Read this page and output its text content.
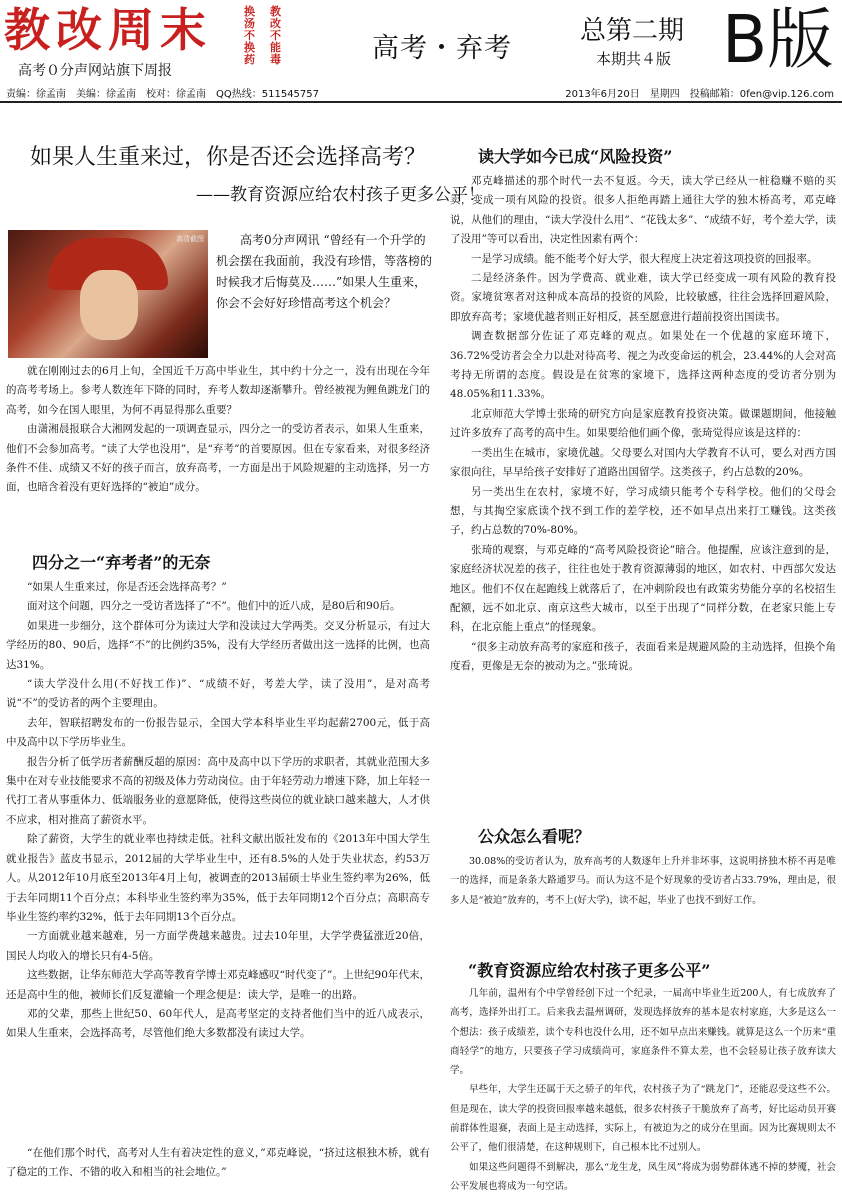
教改周末	换汤不换药
教改不能毒
高考０分声网站旗下周报
高考・弃考
总第二期
本期共４版 B版
责编：徐孟南　美编：徐孟南　校对：徐孟南　QQ热线：511545757	2013年6月20日　星期四　投稿邮箱：0fen@vip.126.com
如果人生重来过，你是否还会选择高考？
——教育资源应给农村孩子更多公平！
高清截图	高考0分声网讯 “曾经有一个升学的机会摆在我面前，我没有珍惜，等落榜的时候我才后悔莫及……”如果人生重来，你会不会好好珍惜高考这个机会？

就在刚刚过去的6月上旬，全国近千万高中毕业生，其中约十分之一，没有出现在今年的高考考场上。参考人数连年下降的同时，弃考人数却逐渐攀升。曾经被视为鲤鱼跳龙门的高考，如今在国人眼里，为何不再显得那么重要？

由潇湘晨报联合大湘网发起的一项调查显示，四分之一的受访者表示，如果人生重来，他们不会参加高考。“读了大学也没用”，是“弃考”的首要原因。但在专家看来，对很多经济条件不佳、成绩又不好的孩子而言，放弃高考，一方面是出于风险规避的主动选择，另一方面，也暗含着没有更好选择的“被迫”成分。

四分之一“弃考者”的无奈

“如果人生重来过，你是否还会选择高考？”

面对这个问题，四分之一受访者选择了“不”。他们中的近八成，是80后和90后。

如果进一步细分，这个群体可分为读过大学和没读过大学两类。交叉分析显示，有过大学经历的80、90后，选择“不”的比例约35%，没有大学经历者做出这一选择的比例，也高达31%。

“读大学没什么用(不好找工作)”、“成绩不好，考差大学，读了没用”，是对高考说“不”的受访者的两个主要理由。

去年，智联招聘发布的一份报告显示，全国大学本科毕业生平均起薪2700元，低于高中及高中以下学历毕业生。

报告分析了低学历者薪酬反超的原因：高中及高中以下学历的求职者，其就业范围大多集中在对专业技能要求不高的初级及体力劳动岗位。由于年轻劳动力增速下降，加上年轻一代打工者从事重体力、低端服务业的意愿降低，使得这些岗位的就业缺口越来越大，人才供不应求，相对推高了薪资水平。

除了薪资，大学生的就业率也持续走低。社科文献出版社发布的《2013年中国大学生就业报告》蓝皮书显示，2012届的大学毕业生中，还有8.5%的人处于失业状态，约53万人。从2012年10月底至2013年4月上旬，被调查的2013届硕士毕业生签约率为26%，低于去年同期11个百分点；本科毕业生签约率为35%，低于去年同期12个百分点；高职高专毕业生签约率约32%，低于去年同期13个百分点。

一方面就业越来越难，另一方面学费越来越贵。过去10年里，大学学费猛涨近20倍，国民人均收入的增长只有4-5倍。

这些数据，让华东师范大学高等教育学博士邓克峰感叹“时代变了”。上世纪90年代末，还是高中生的他，被师长们反复灌输一个理念便是：读大学，是唯一的出路。

邓的父辈，那些上世纪50、60年代人，是高考坚定的支持者他们当中的近八成表示，如果人生重来，会选择高考，尽管他们绝大多数都没有读过大学。

“在他们那个时代，高考对人生有着决定性的意义，”邓克峰说，“挤过这根独木桥，就有了稳定的工作、不错的收入和相当的社会地位。”

读大学如今已成“风险投资”

邓克峰描述的那个时代一去不复返。今天，读大学已经从一桩稳赚不赔的买卖，变成一项有风险的投资。很多人拒绝再踏上通往大学的独木桥高考，邓克峰说，从他们的理由，“读大学没什么用”、“花钱太多”、“成绩不好，考个差大学，读了没用”等可以看出，决定性因素有两个：

一是学习成绩。能不能考个好大学，很大程度上决定着这项投资的回报率。

二是经济条件。因为学费高、就业难，读大学已经变成一项有风险的教育投资。家境贫寒者对这种成本高昂的投资的风险，比较敏感，往往会选择回避风险，即放弃高考；家境优越者则正好相反，甚至愿意进行超前投资出国读书。

调查数据部分佐证了邓克峰的观点。如果处在一个优越的家庭环境下，36.72%受访者会全力以赴对待高考、视之为改变命运的机会，23.44%的人会对高考持无所谓的态度。假设是在贫寒的家境下，选择这两种态度的受访者分别为48.05%和11.33%。

北京师范大学博士张琦的研究方向是家庭教育投资决策。做课题期间，他接触过许多放弃了高考的高中生。如果要给他们画个像，张琦觉得应该是这样的：

一类出生在城市，家境优越。父母要么对国内大学教育不认可，要么对西方国家很向往，早早给孩子安排好了道路出国留学。这类孩子，约占总数的20%。

另一类出生在农村，家境不好，学习成绩只能考个专科学校。他们的父母会想，与其掏空家底读个找不到工作的差学校，还不如早点出来打工赚钱。这类孩子，约占总数的70%-80%。

张琦的观察，与邓克峰的“高考风险投资论”暗合。他提醒，应该注意到的是，家庭经济状况差的孩子，往往也处于教育资源薄弱的地区，如农村、中西部欠发达地区。他们不仅在起跑线上就落后了，在冲刺阶段也有政策劣势能分享的名校招生配额，远不如北京、南京这些大城市，以至于出现了“同样分数，在老家只能上专科，在北京能上重点”的怪现象。

“很多主动放弃高考的家庭和孩子，表面看来是规避风险的主动选择，但换个角度看，更像是无奈的被动为之。”张琦说。

公众怎么看呢？

30.08%的受访者认为，放弃高考的人数逐年上升并非坏事，这说明挤独木桥不再是唯一的选择，而是条条大路通罗马。而认为这不是个好现象的受访者占33.79%，理由是，很多人是“被迫”放弃的，考不上(好大学)，读不起，毕业了也找不到好工作。

“教育资源应给农村孩子更多公平”

几年前，温州有个中学曾经创下过一个纪录，一届高中毕业生近200人，有七成放弃了高考，选择外出打工。后来我去温州调研，发现选择放弃的基本是农村家庭，大多是这么一个想法：孩子成绩差，读个专科也没什么用，还不如早点出来赚钱。就算是这么一个历来“重商轻学”的地方，只要孩子学习成绩尚可，家庭条件不算太差，也不会轻易让孩子放弃读大学。

早些年，大学生还属于天之骄子的年代，农村孩子为了“跳龙门”，还能忍受这些不公。但是现在，读大学的投资回报率越来越低，很多农村孩子干脆放弃了高考，好比运动员开赛前群体性退赛，表面上是主动选择，实际上，有被迫为之的成分在里面。因为比赛规则太不公平了，他们很清楚，在这种规则下，自己根本比不过别人。

如果这些问题得不到解决，那么“龙生龙，凤生凤”将成为弱势群体逃不掉的梦魇，社会公平发展也将成为一句空话。
